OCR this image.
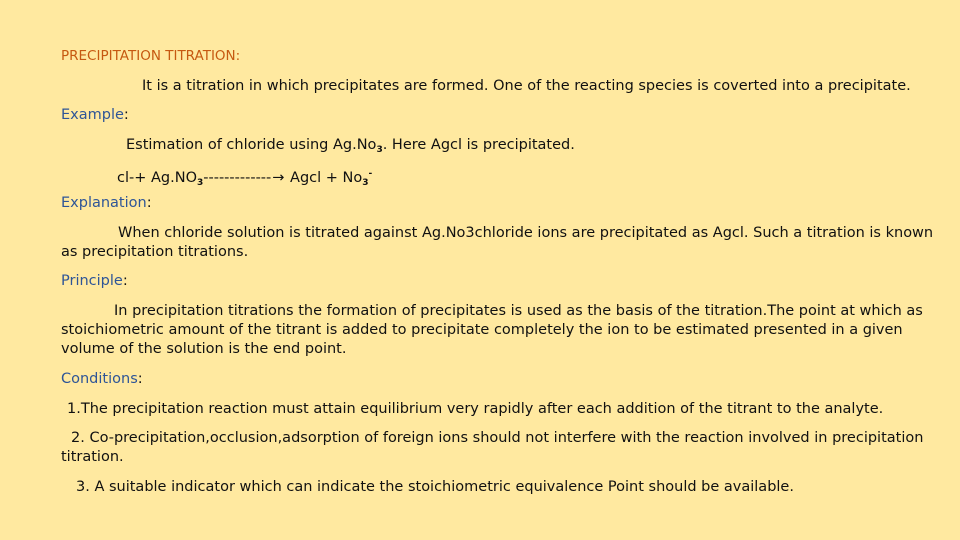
PRECIPITATION TITRATION:
It is a titration in which precipitates are formed. One of the reacting species is coverted into a precipitate.
Example:
Estimation of chloride using $Ag.No_3$. Here Agcl is precipitated.
$cl-+ Ag.NO_3-------------\to$ Agcl + $No_3^-$
Explanation:
When chloride solution is titrated against Ag.No3chloride ions are precipitated as Agcl. Such a titration is known as precipitation titrations.
Principle:
In precipitation titrations the formation of precipitates is used as the basis of the titration.The point at which as stoichiometric amount of the titrant is added to precipitate completely the ion to be estimated presented in a given volume of the solution is the end point.
Conditions:
1.The precipitation reaction must attain equilibrium very rapidly after each addition of the titrant to the analyte.
2. Co-precipitation,occlusion,adsorption of foreign ions should not interfere with the reaction involved in precipitation titration.
3. A suitable indicator which can indicate the stoichiometric equivalence Point should be available.
